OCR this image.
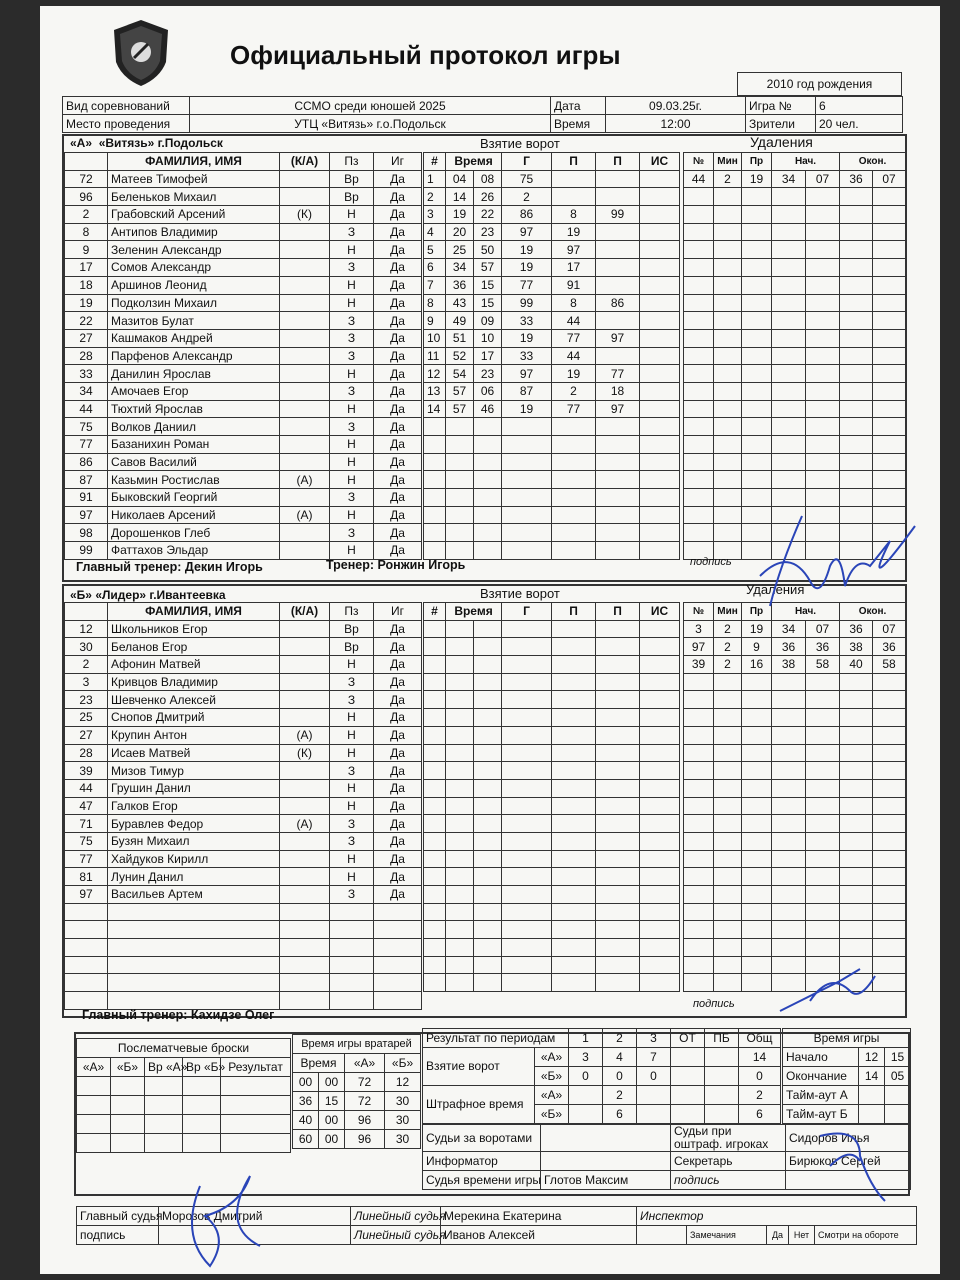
Официальный протокол игры
2010 год рождения
Вид соревнований	ССМО среди юношей 2025	Дата	09.03.25г.	Игра №	6
Место проведения	УТЦ «Витязь» г.о.Подольск	Время	12:00	Зрители	20 чел.
«А» «Витязь» г.Подольск	Взятие ворот	Удаления
	ФАМИЛИЯ, ИМЯ	(К/А)	Пз	Иг
72	Матеев Тимофей		Вр	Да
96	Беленьков Михаил		Вр	Да
2	Грабовский Арсений	(К)	Н	Да
8	Антипов Владимир		З	Да
9	Зеленин Александр		Н	Да
17	Сомов Александр		З	Да
18	Аршинов Леонид		Н	Да
19	Подколзин Михаил		Н	Да
22	Мазитов Булат		З	Да
27	Кашмаков Андрей		З	Да
28	Парфенов Александр		З	Да
33	Данилин Ярослав		Н	Да
34	Амочаев Егор		З	Да
44	Тюхтий Ярослав		Н	Да
75	Волков Даниил		З	Да
77	Базанихин Роман		Н	Да
86	Савов Василий		Н	Да
87	Казьмин Ростислав	(А)	Н	Да
91	Быковский Георгий		З	Да
97	Николаев Арсений	(А)	Н	Да
98	Дорошенков Глеб		З	Да
99	Фаттахов Эльдар		Н	Да
#	Время		Г	П	П	ИС
1	04	08	75			
2	14	26	2			
3	19	22	86	8	99	
4	20	23	97	19		
5	25	50	19	97		
6	34	57	19	17		
7	36	15	77	91		
8	43	15	99	8	86	
9	49	09	33	44		
10	51	10	19	77	97	
11	52	17	33	44		
12	54	23	97	19	77	
13	57	06	87	2	18	
14	57	46	19	77	97	

№	Мин	Пр	Нач.		Окон.	
44	2	19	34	07	36	07

подпись
Главный тренер: Декин Игорь	Тренер: Ронжин Игорь
«Б» «Лидер» г.Ивантеевка	Взятие ворот	Удаления
	ФАМИЛИЯ, ИМЯ	(К/А)	Пз	Иг
12	Школьников Егор		Вр	Да
30	Беланов Егор		Вр	Да
2	Афонин Матвей		Н	Да
3	Кривцов Владимир		З	Да
23	Шевченко Алексей		З	Да
25	Снопов Дмитрий		Н	Да
27	Крупин Антон	(А)	Н	Да
28	Исаев Матвей	(К)	Н	Да
39	Мизов Тимур		З	Да
44	Грушин Данил		Н	Да
47	Галков Егор		Н	Да
71	Буравлев Федор	(А)	З	Да
75	Бузян Михаил		З	Да
77	Хайдуков Кирилл		Н	Да
81	Лунин Данил		Н	Да
97	Васильев Артем		З	Да

#	Время		Г	П	П	ИС

						№	Мин	Пр	Нач.		Окон.	
3	2	19	34	07	36	07
97	2	9	36	36	38	36
39	2	16	38	58	40	58

подпись
Главный тренер: Кахидзе Олег
Послематчевые броски				
«А»	«Б»	Вр «А»	Вр «Б»	Результат

Время игры вратарей			
Время		«А»	«Б»
00	00	72	12
36	15	72	30
40	00	96	30
60	00	96	30
Результат по периодам		1	2	3	ОТ	ПБ	Общ
Взятие ворот	«А»	3	4	7			14
	«Б»	0	0	0			0
Штрафное время	«А»		2				2
	«Б»		6				6
Время игры		
Начало	12	15
Окончание	14	05
Тайм-аут А		
Тайм-аут Б		
Судьи за воротами		Судьи при оштраф. игроках	Сидоров Илья
Информатор		Секретарь	Бирюков Сергей
Судья времени игры	Глотов Максим	подпись	
Главный судья	Морозов Дмитрий	Линейный судья	Мерекина Екатерина	Инспектор				
подпись		Линейный судья	Иванов Алексей		Замечания	Да	Нет	Смотри на обороте
